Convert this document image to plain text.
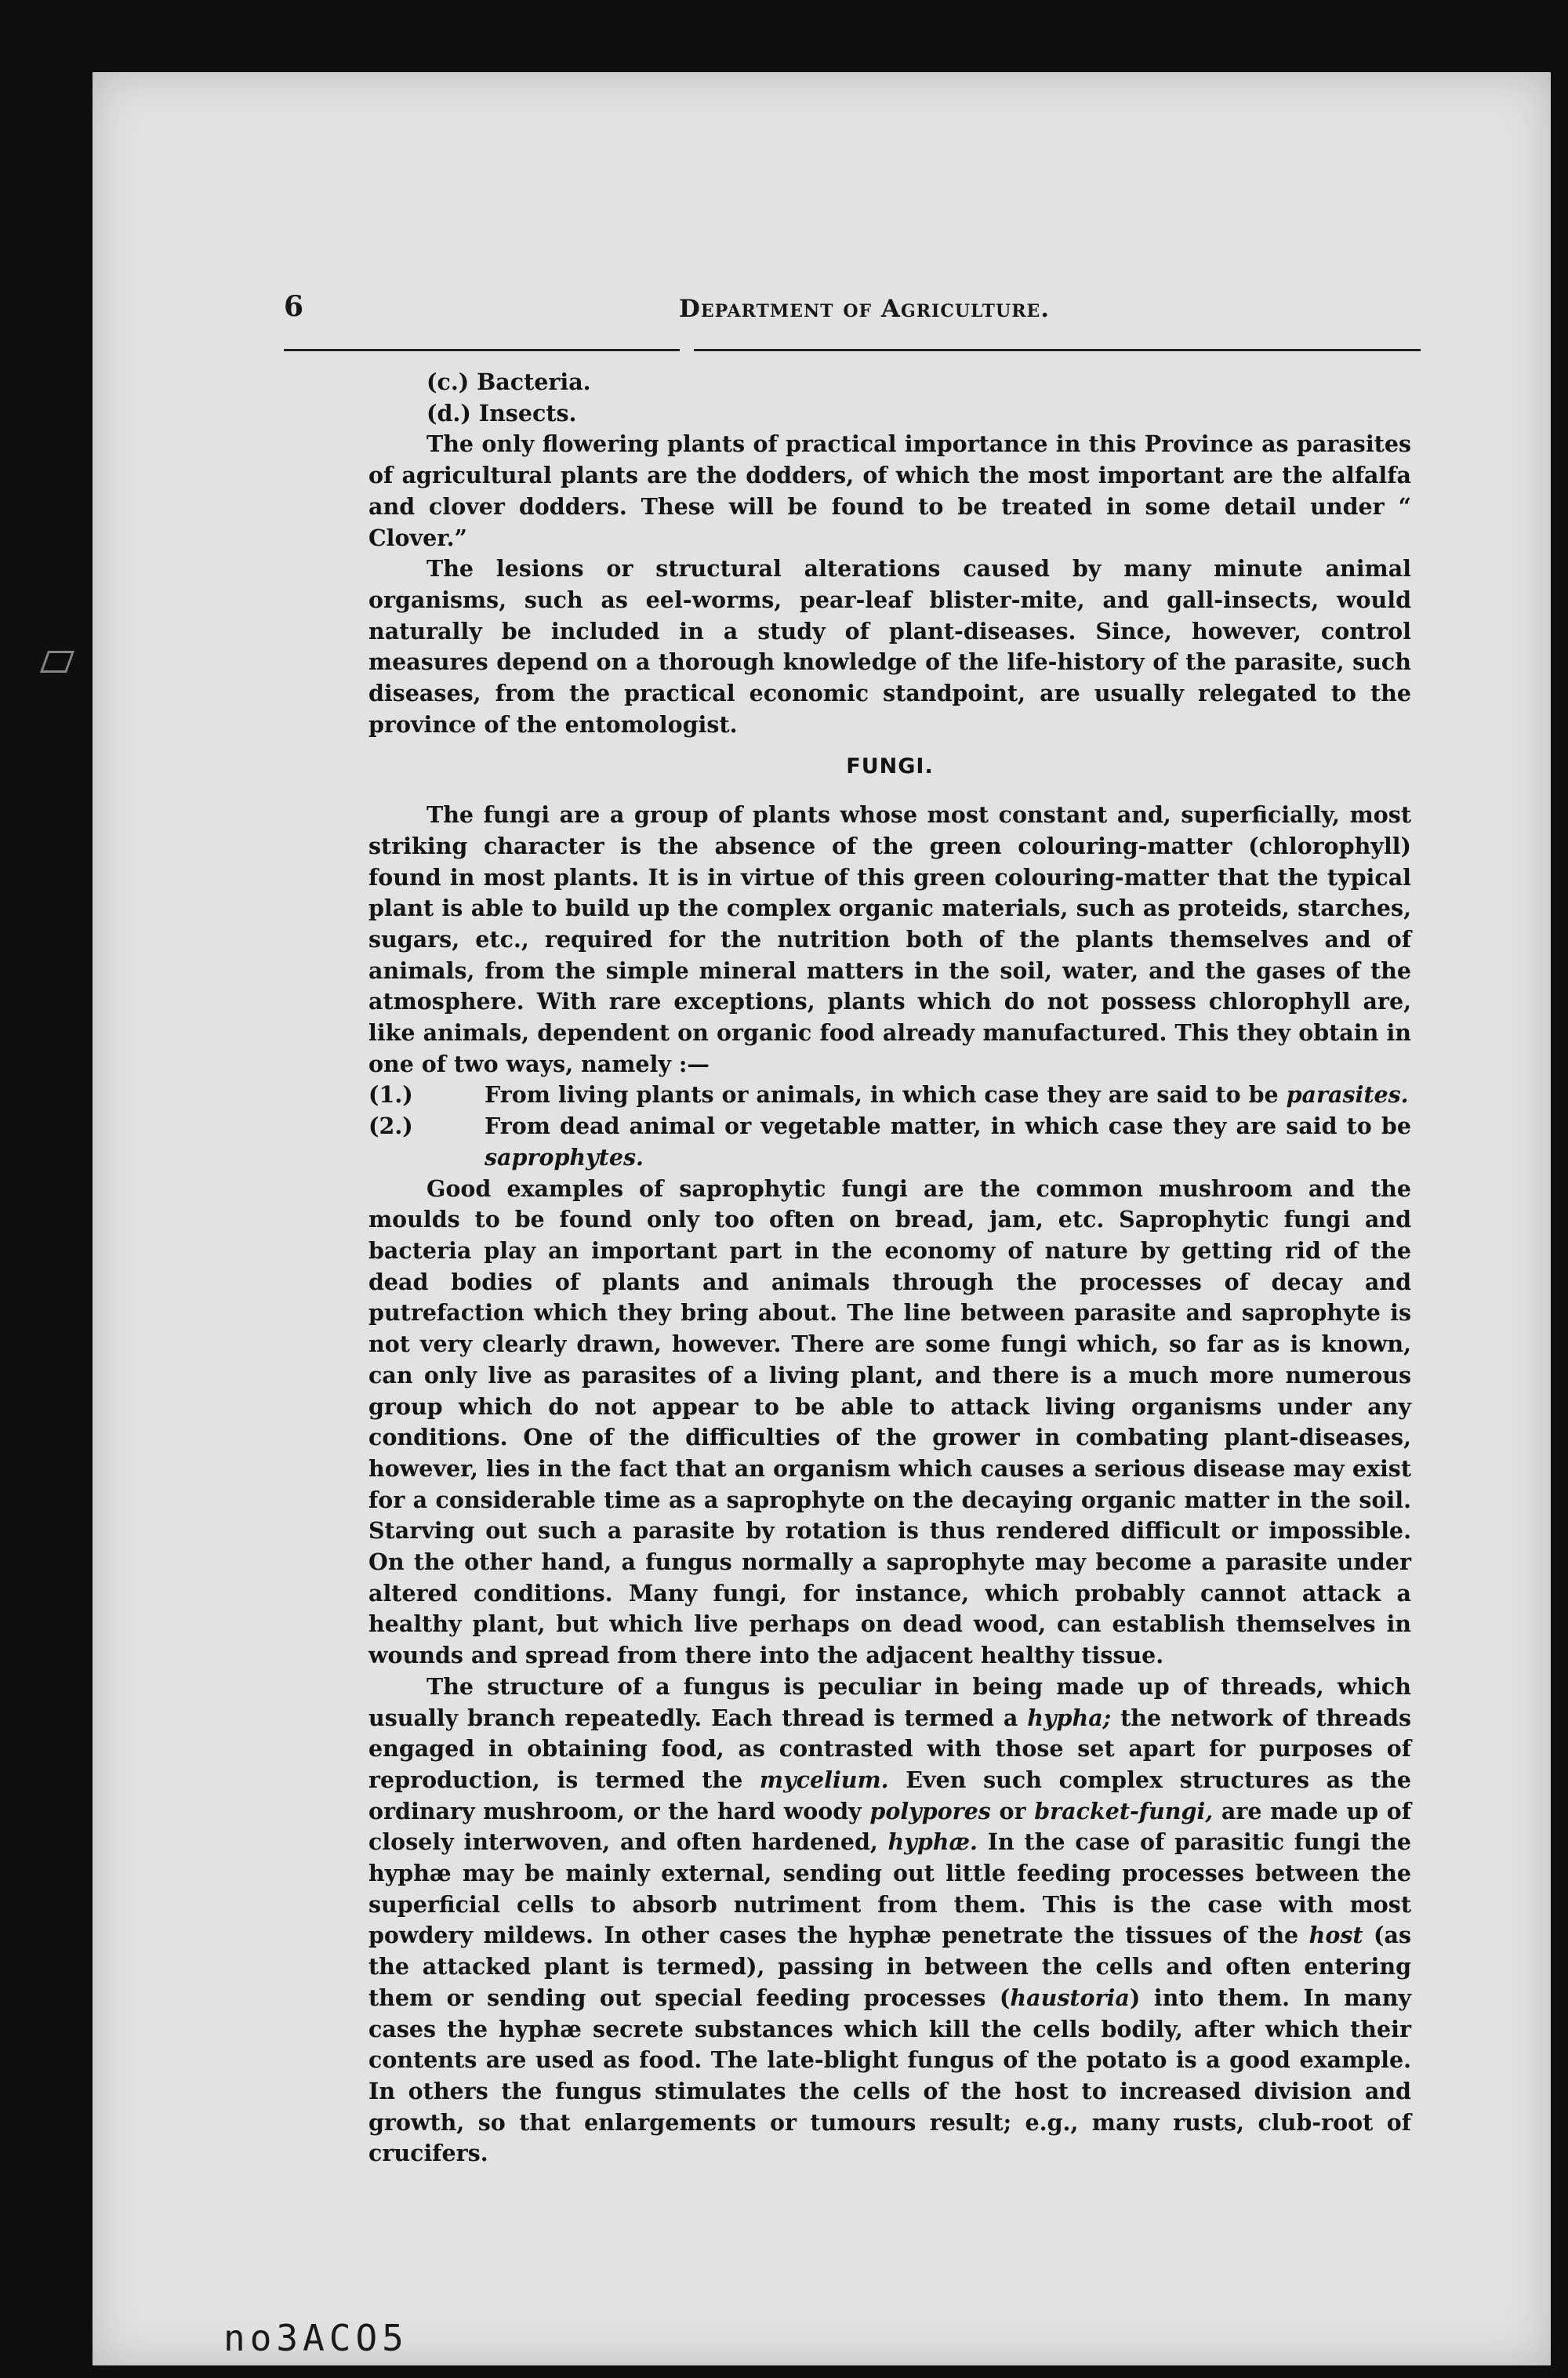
6	Department of Agriculture.

(c.) Bacteria.

(d.) Insects.

The only flowering plants of practical importance in this Province as parasites of agricultural plants are the dodders, of which the most important are the alfalfa and clover dodders. These will be found to be treated in some detail under “ Clover.”

The lesions or structural alterations caused by many minute animal organisms, such as eel-worms, pear-leaf blister-mite, and gall-insects, would naturally be included in a study of plant-diseases. Since, however, control measures depend on a thorough knowledge of the life-history of the parasite, such diseases, from the practical economic standpoint, are usually relegated to the province of the entomologist.

FUNGI.

The fungi are a group of plants whose most constant and, superficially, most striking character is the absence of the green colouring-matter (chlorophyll) found in most plants. It is in virtue of this green colouring-matter that the typical plant is able to build up the complex organic materials, such as proteids, starches, sugars, etc., required for the nutrition both of the plants themselves and of animals, from the simple mineral matters in the soil, water, and the gases of the atmosphere. With rare exceptions, plants which do not possess chlorophyll are, like animals, dependent on organic food already manufactured. This they obtain in one of two ways, namely :—

(1.)	From living plants or animals, in which case they are said to be parasites.

(2.)	From dead animal or vegetable matter, in which case they are said to be saprophytes.

Good examples of saprophytic fungi are the common mushroom and the moulds to be found only too often on bread, jam, etc. Saprophytic fungi and bacteria play an important part in the economy of nature by getting rid of the dead bodies of plants and animals through the processes of decay and putrefaction which they bring about. The line between parasite and saprophyte is not very clearly drawn, however. There are some fungi which, so far as is known, can only live as parasites of a living plant, and there is a much more numerous group which do not appear to be able to attack living organisms under any conditions. One of the difficulties of the grower in combating plant-diseases, however, lies in the fact that an organism which causes a serious disease may exist for a considerable time as a saprophyte on the decaying organic matter in the soil. Starving out such a parasite by rotation is thus rendered difficult or impossible. On the other hand, a fungus normally a saprophyte may become a parasite under altered conditions. Many fungi, for instance, which probably cannot attack a healthy plant, but which live perhaps on dead wood, can establish themselves in wounds and spread from there into the adjacent healthy tissue.

The structure of a fungus is peculiar in being made up of threads, which usually branch repeatedly. Each thread is termed a hypha; the network of threads engaged in obtaining food, as contrasted with those set apart for purposes of reproduction, is termed the mycelium. Even such complex structures as the ordinary mushroom, or the hard woody polypores or bracket-fungi, are made up of closely interwoven, and often hardened, hyphæ. In the case of parasitic fungi the hyphæ may be mainly external, sending out little feeding processes between the superficial cells to absorb nutriment from them. This is the case with most powdery mildews. In other cases the hyphæ penetrate the tissues of the host (as the attacked plant is termed), passing in between the cells and often entering them or sending out special feeding processes (haustoria) into them. In many cases the hyphæ secrete substances which kill the cells bodily, after which their contents are used as food. The late-blight fungus of the potato is a good example. In others the fungus stimulates the cells of the host to increased division and growth, so that enlargements or tumours result; e.g., many rusts, club-root of crucifers.

no3ACO5
